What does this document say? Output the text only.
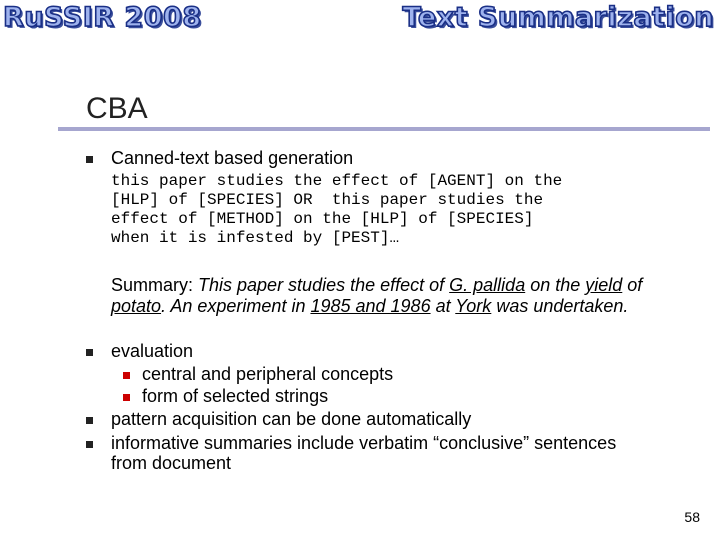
RuSSIR 2008	Text Summarization
CBA
Canned-text based generation
this paper studies the effect of [AGENT] on the
[HLP] of [SPECIES] OR  this paper studies the
effect of [METHOD] on the [HLP] of [SPECIES]
when it is infested by [PEST]…
Summary: This paper studies the effect of G. pallida on the yield of potato. An experiment in 1985 and 1986 at York was undertaken.
evaluation
central and peripheral concepts
form of selected strings
pattern acquisition can be done automatically
informative summaries include verbatim “conclusive” sentences
from document
58
